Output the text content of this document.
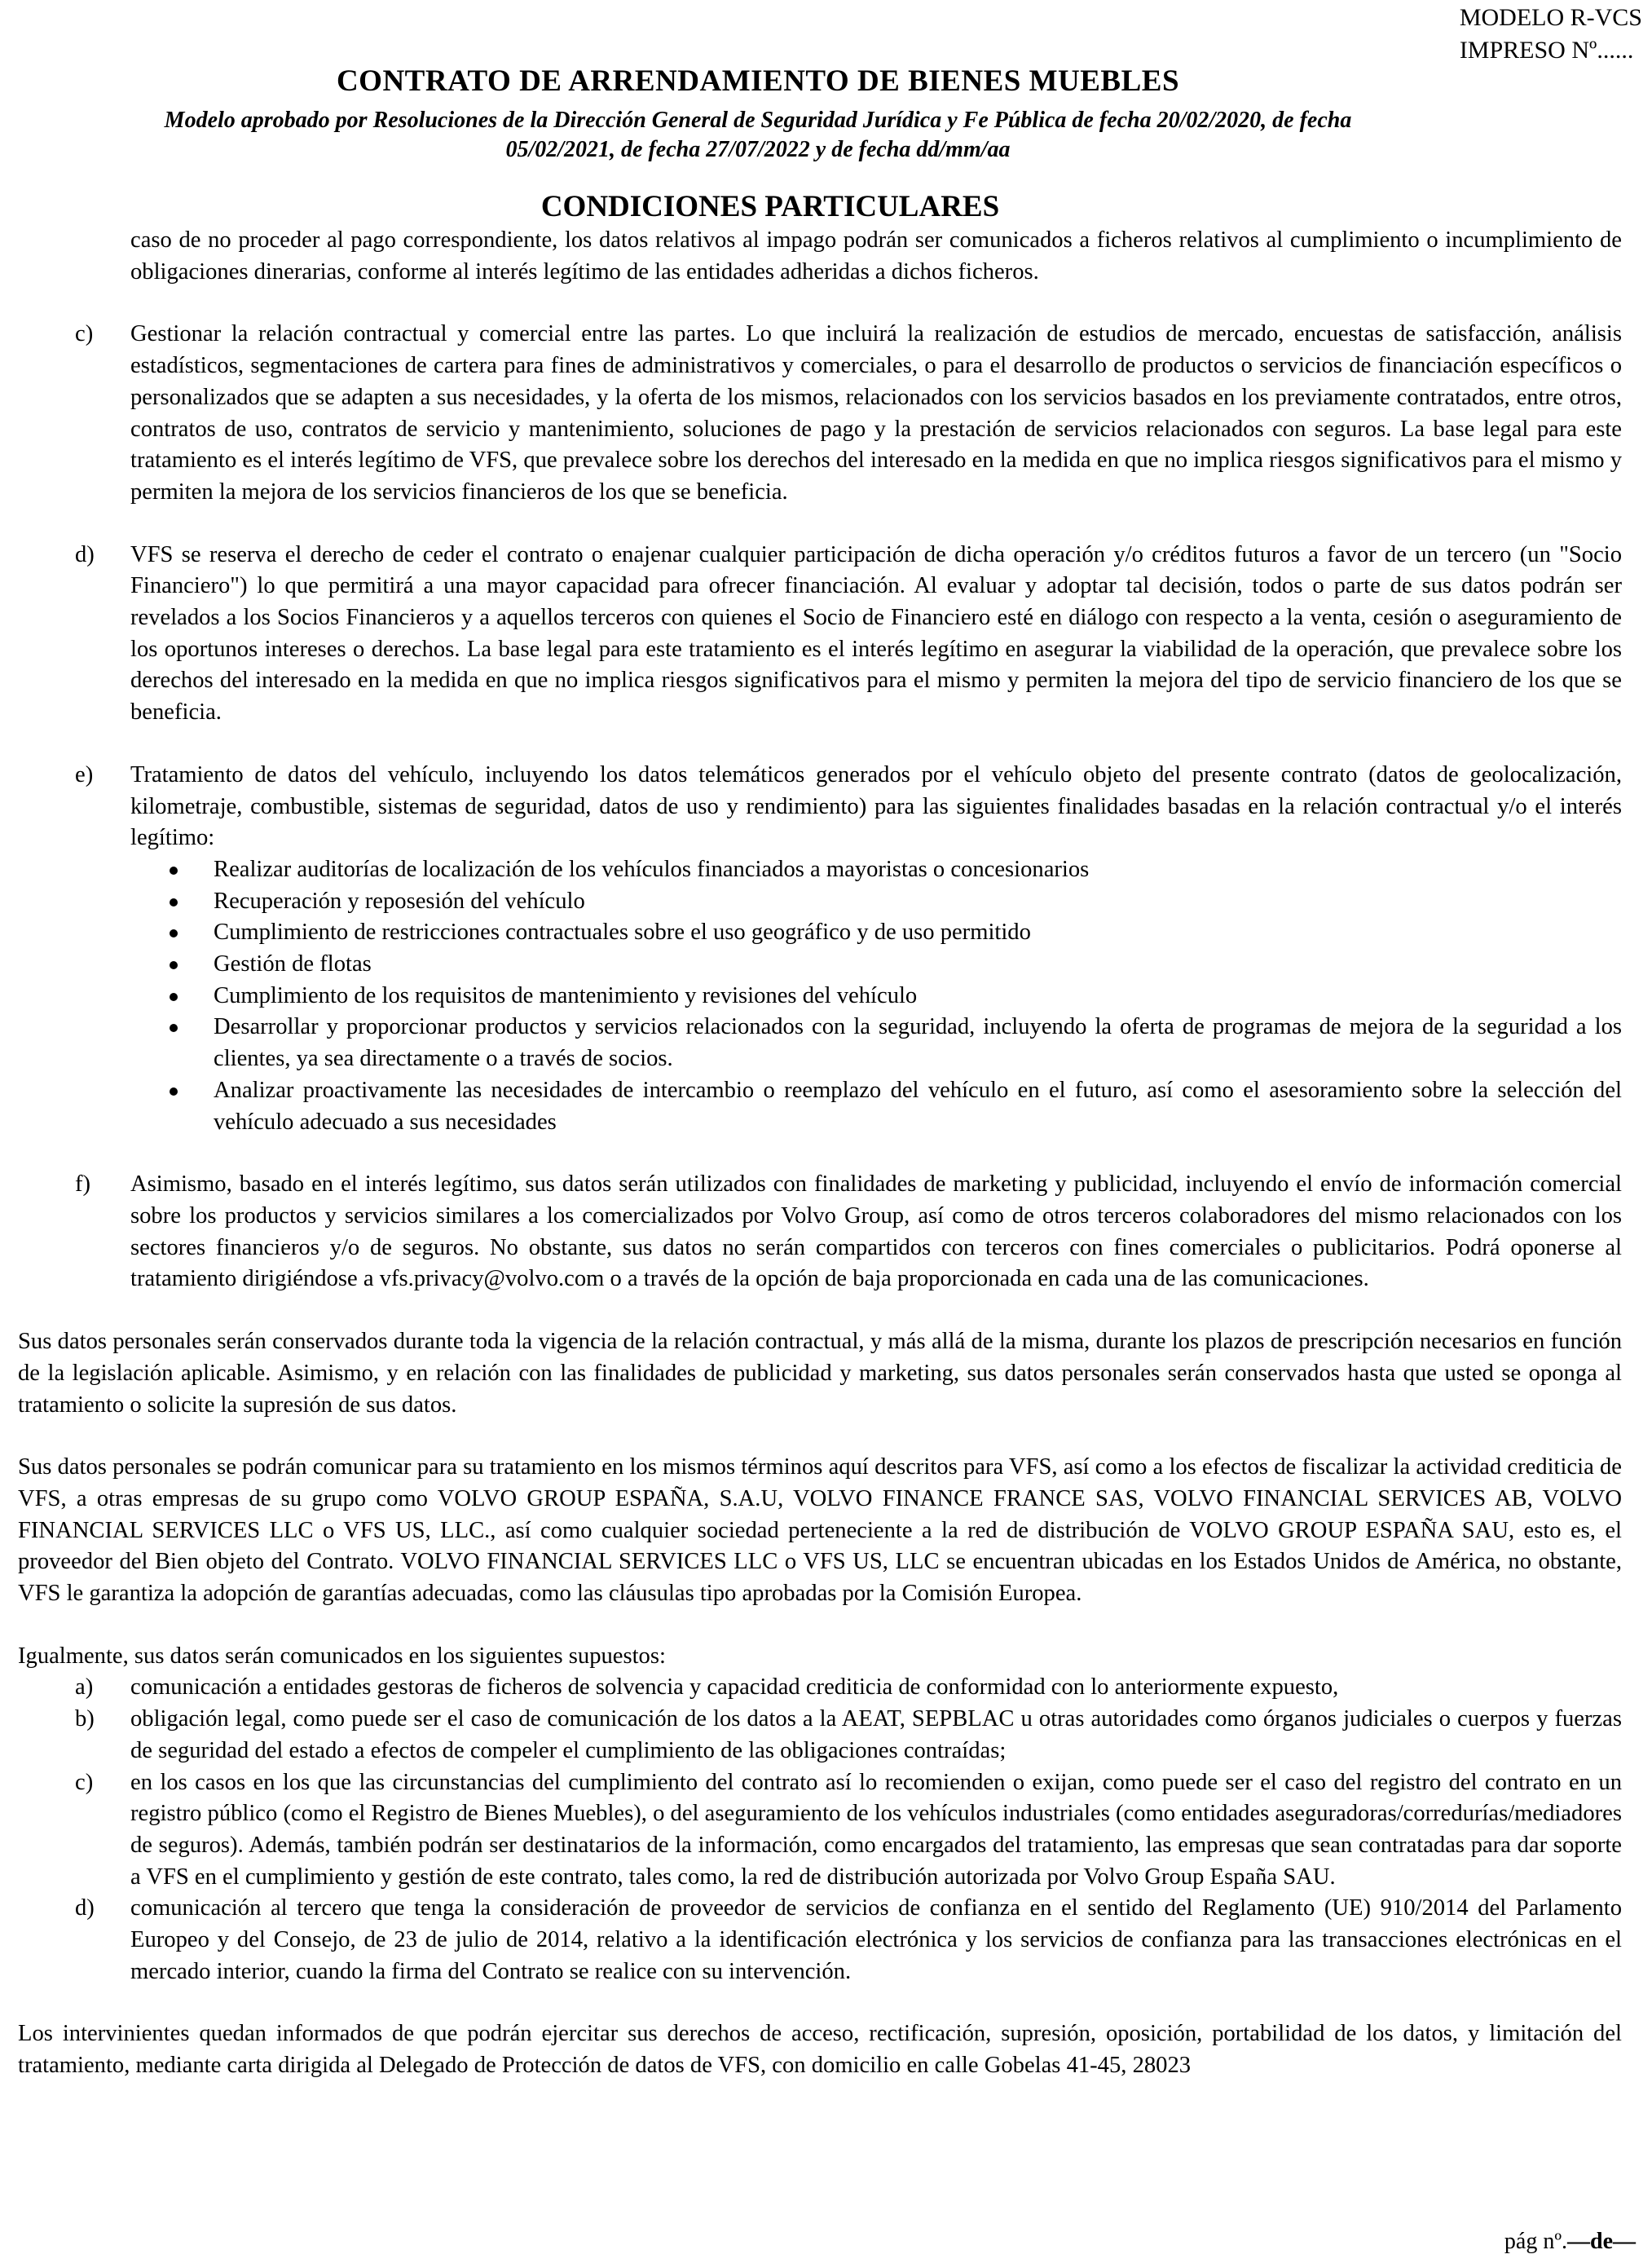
MODELO R-VCS
IMPRESO Nº......
CONTRATO DE ARRENDAMIENTO DE BIENES MUEBLES
Modelo aprobado por Resoluciones de la Dirección General de Seguridad Jurídica y Fe Pública de fecha 20/02/2020, de fecha 05/02/2021, de fecha 27/07/2022 y de fecha dd/mm/aa
CONDICIONES PARTICULARES

caso de no proceder al pago correspondiente, los datos relativos al impago podrán ser comunicados a ficheros relativos al cumplimiento o incumplimiento de obligaciones dinerarias, conforme al interés legítimo de las entidades adheridas a dichos ficheros.

c) Gestionar la relación contractual y comercial entre las partes. Lo que incluirá la realización de estudios de mercado, encuestas de satisfacción, análisis estadísticos, segmentaciones de cartera para fines de administrativos y comerciales, o para el desarrollo de productos o servicios de financiación específicos o personalizados que se adapten a sus necesidades, y la oferta de los mismos, relacionados con los servicios basados en los previamente contratados, entre otros, contratos de uso, contratos de servicio y mantenimiento, soluciones de pago y la prestación de servicios relacionados con seguros. La base legal para este tratamiento es el interés legítimo de VFS, que prevalece sobre los derechos del interesado en la medida en que no implica riesgos significativos para el mismo y permiten la mejora de los servicios financieros de los que se beneficia.

d) VFS se reserva el derecho de ceder el contrato o enajenar cualquier participación de dicha operación y/o créditos futuros a favor de un tercero (un "Socio Financiero") lo que permitirá a una mayor capacidad para ofrecer financiación. Al evaluar y adoptar tal decisión, todos o parte de sus datos podrán ser revelados a los Socios Financieros y a aquellos terceros con quienes el Socio de Financiero esté en diálogo con respecto a la venta, cesión o aseguramiento de los oportunos intereses o derechos. La base legal para este tratamiento es el interés legítimo en asegurar la viabilidad de la operación, que prevalece sobre los derechos del interesado en la medida en que no implica riesgos significativos para el mismo y permiten la mejora del tipo de servicio financiero de los que se beneficia.

e) Tratamiento de datos del vehículo, incluyendo los datos telemáticos generados por el vehículo objeto del presente contrato (datos de geolocalización, kilometraje, combustible, sistemas de seguridad, datos de uso y rendimiento) para las siguientes finalidades basadas en la relación contractual y/o el interés legítimo:

Realizar auditorías de localización de los vehículos financiados a mayoristas o concesionarios
Recuperación y reposesión del vehículo
Cumplimiento de restricciones contractuales sobre el uso geográfico y de uso permitido
Gestión de flotas
Cumplimiento de los requisitos de mantenimiento y revisiones del vehículo
Desarrollar y proporcionar productos y servicios relacionados con la seguridad, incluyendo la oferta de programas de mejora de la seguridad a los clientes, ya sea directamente o a través de socios.
Analizar proactivamente las necesidades de intercambio o reemplazo del vehículo en el futuro, así como el asesoramiento sobre la selección del vehículo adecuado a sus necesidades
f) Asimismo, basado en el interés legítimo, sus datos serán utilizados con finalidades de marketing y publicidad, incluyendo el envío de información comercial sobre los productos y servicios similares a los comercializados por Volvo Group, así como de otros terceros colaboradores del mismo relacionados con los sectores financieros y/o de seguros. No obstante, sus datos no serán compartidos con terceros con fines comerciales o publicitarios. Podrá oponerse al tratamiento dirigiéndose a vfs.privacy@volvo.com o a través de la opción de baja proporcionada en cada una de las comunicaciones.

Sus datos personales serán conservados durante toda la vigencia de la relación contractual, y más allá de la misma, durante los plazos de prescripción necesarios en función de la legislación aplicable. Asimismo, y en relación con las finalidades de publicidad y marketing, sus datos personales serán conservados hasta que usted se oponga al tratamiento o solicite la supresión de sus datos.

Sus datos personales se podrán comunicar para su tratamiento en los mismos términos aquí descritos para VFS, así como a los efectos de fiscalizar la actividad crediticia de VFS, a otras empresas de su grupo como VOLVO GROUP ESPAÑA, S.A.U, VOLVO FINANCE FRANCE SAS, VOLVO FINANCIAL SERVICES AB, VOLVO FINANCIAL SERVICES LLC o VFS US, LLC., así como cualquier sociedad perteneciente a la red de distribución de VOLVO GROUP ESPAÑA SAU, esto es, el proveedor del Bien objeto del Contrato. VOLVO FINANCIAL SERVICES LLC o VFS US, LLC se encuentran ubicadas en los Estados Unidos de América, no obstante, VFS le garantiza la adopción de garantías adecuadas, como las cláusulas tipo aprobadas por la Comisión Europea.

Igualmente, sus datos serán comunicados en los siguientes supuestos:

a) comunicación a entidades gestoras de ficheros de solvencia y capacidad crediticia de conformidad con lo anteriormente expuesto,

b) obligación legal, como puede ser el caso de comunicación de los datos a la AEAT, SEPBLAC u otras autoridades como órganos judiciales o cuerpos y fuerzas de seguridad del estado a efectos de compeler el cumplimiento de las obligaciones contraídas;

c) en los casos en los que las circunstancias del cumplimiento del contrato así lo recomienden o exijan, como puede ser el caso del registro del contrato en un registro público (como el Registro de Bienes Muebles), o del aseguramiento de los vehículos industriales (como entidades aseguradoras/corredurías/mediadores de seguros). Además, también podrán ser destinatarios de la información, como encargados del tratamiento, las empresas que sean contratadas para dar soporte a VFS en el cumplimiento y gestión de este contrato, tales como, la red de distribución autorizada por Volvo Group España SAU.

d) comunicación al tercero que tenga la consideración de proveedor de servicios de confianza en el sentido del Reglamento (UE) 910/2014 del Parlamento Europeo y del Consejo, de 23 de julio de 2014, relativo a la identificación electrónica y los servicios de confianza para las transacciones electrónicas en el mercado interior, cuando la firma del Contrato se realice con su intervención.

Los intervinientes quedan informados de que podrán ejercitar sus derechos de acceso, rectificación, supresión, oposición, portabilidad de los datos, y limitación del tratamiento, mediante carta dirigida al Delegado de Protección de datos de VFS, con domicilio en calle Gobelas 41-45, 28023

pág nº.—de—
